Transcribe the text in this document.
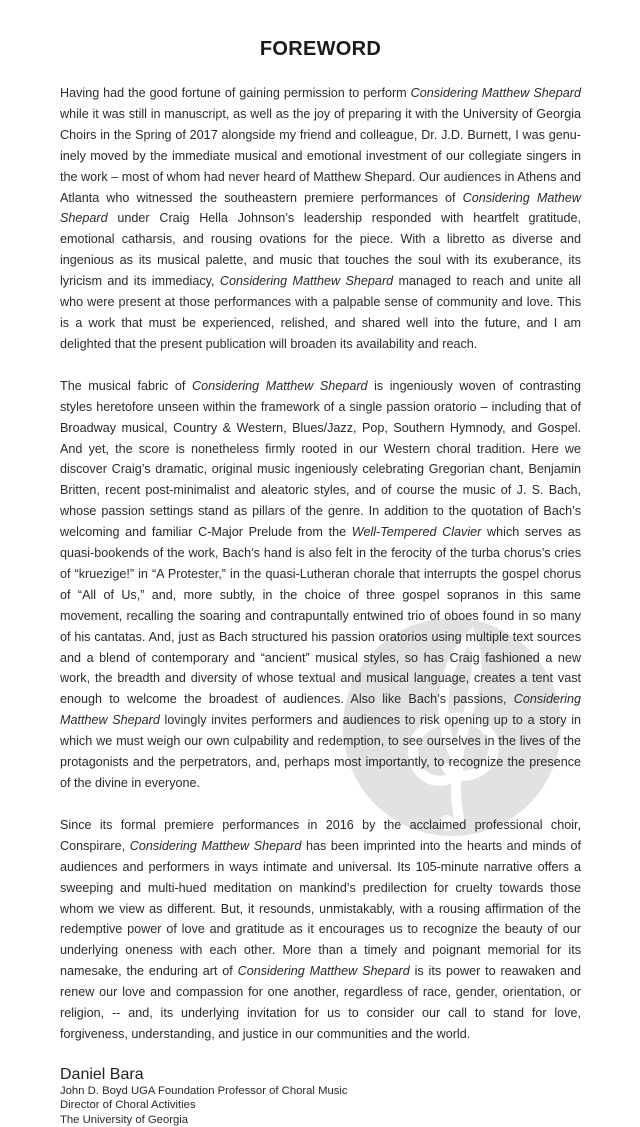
FOREWORD

Having had the good fortune of gaining permission to perform Considering Matthew Shepard while it was still in manuscript, as well as the joy of preparing it with the University of Georgia Choirs in the Spring of 2017 alongside my friend and colleague, Dr. J.D. Burnett, I was genuinely moved by the immediate musical and emotional investment of our collegiate singers in the work – most of whom had never heard of Matthew Shepard. Our audiences in Athens and Atlanta who witnessed the southeastern premiere performances of Considering Mathew Shepard under Craig Hella Johnson’s leadership responded with heartfelt gratitude, emotional catharsis, and rousing ovations for the piece. With a libretto as diverse and ingenious as its musical palette, and music that touches the soul with its exuberance, its lyricism and its immediacy, Considering Matthew Shepard managed to reach and unite all who were present at those performances with a palpable sense of community and love. This is a work that must be experienced, relished, and shared well into the future, and I am delighted that the present publication will broaden its availability and reach.

The musical fabric of Considering Matthew Shepard is ingeniously woven of contrasting styles heretofore unseen within the framework of a single passion oratorio – including that of Broadway musical, Country & Western, Blues/Jazz, Pop, Southern Hymnody, and Gospel. And yet, the score is nonetheless firmly rooted in our Western choral tradition. Here we discover Craig’s dramatic, original music ingeniously celebrating Gregorian chant, Benjamin Britten, recent post-minimalist and aleatoric styles, and of course the music of J. S. Bach, whose passion settings stand as pillars of the genre. In addition to the quotation of Bach’s welcoming and familiar C-Major Prelude from the Well-Tempered Clavier which serves as quasi-bookends of the work, Bach’s hand is also felt in the ferocity of the turba chorus’s cries of “kruezige!” in “A Protester,” in the quasi-Lutheran chorale that interrupts the gospel chorus of “All of Us,” and, more subtly, in the choice of three gospel sopranos in this same movement, recalling the soaring and contrapuntally entwined trio of oboes found in so many of his cantatas. And, just as Bach structured his passion oratorios using multiple text sources and a blend of contemporary and “ancient” musical styles, so has Craig fashioned a new work, the breadth and diversity of whose textual and musical language, creates a tent vast enough to welcome the broadest of audiences. Also like Bach’s passions, Considering Matthew Shepard lovingly invites performers and audiences to risk opening up to a story in which we must weigh our own culpability and redemption, to see ourselves in the lives of the protagonists and the perpetrators, and, perhaps most importantly, to recognize the presence of the divine in everyone.

Since its formal premiere performances in 2016 by the acclaimed professional choir, Conspirare, Considering Matthew Shepard has been imprinted into the hearts and minds of audiences and performers in ways intimate and universal. Its 105-minute narrative offers a sweeping and multi-hued meditation on mankind’s predilection for cruelty towards those whom we view as different. But, it resounds, unmistakably, with a rousing affirmation of the redemptive power of love and gratitude as it encourages us to recognize the beauty of our underlying oneness with each other. More than a timely and poignant memorial for its namesake, the enduring art of Considering Matthew Shepard is its power to reawaken and renew our love and compassion for one another, regardless of race, gender, orientation, or religion, -- and, its underlying invitation for us to consider our call to stand for love, forgiveness, understanding, and justice in our communities and the world.

Daniel Bara
John D. Boyd UGA Foundation Professor of Choral Music
Director of Choral Activities
The University of Georgia
